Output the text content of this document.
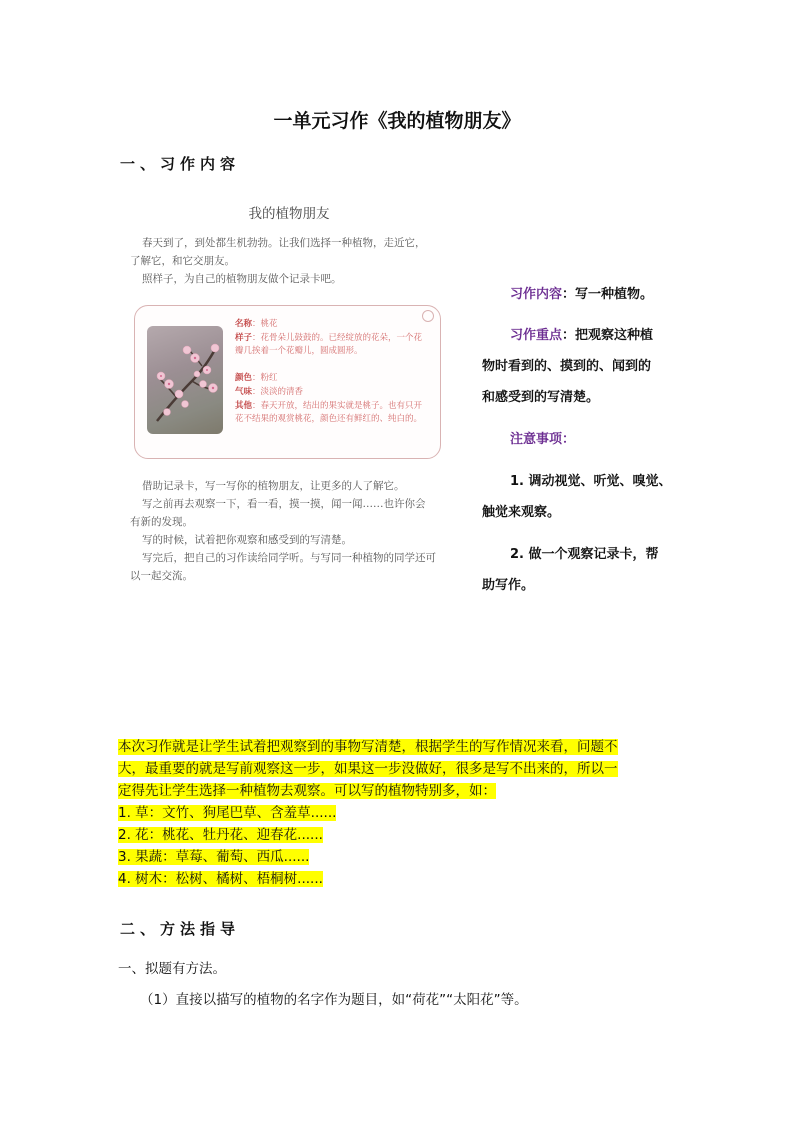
一单元习作《我的植物朋友》
一、习作内容
我的植物朋友
春天到了，到处都生机勃勃。让我们选择一种植物，走近它，
了解它，和它交朋友。
照样子，为自己的植物朋友做个记录卡吧。
名称：桃花
样子：花骨朵儿鼓鼓的。已经绽放的花朵，一个花瓣几挨着一个花瓣儿，圆成圆形。
颜色：粉红
气味：淡淡的清香
其他：春天开放，结出的果实就是桃子。也有只开花不结果的观赏桃花，颜色还有鲜红的、纯白的。
借助记录卡，写一写你的植物朋友，让更多的人了解它。
写之前再去观察一下，看一看，摸一摸，闻一闻……也许你会
有新的发现。
写的时候，试着把你观察和感受到的写清楚。
写完后，把自己的习作读给同学听。与写同一种植物的同学还可
以一起交流。
习作内容：写一种植物。
习作重点：把观察这种植
物时看到的、摸到的、闻到的
和感受到的写清楚。
注意事项：
1. 调动视觉、听觉、嗅觉、
触觉来观察。
2. 做一个观察记录卡，帮
助写作。
本次习作就是让学生试着把观察到的事物写清楚，根据学生的写作情况来看，问题不
大，最重要的就是写前观察这一步，如果这一步没做好，很多是写不出来的，所以一
定得先让学生选择一种植物去观察。可以写的植物特别多，如：
1. 草：文竹、狗尾巴草、含羞草......
2. 花：桃花、牡丹花、迎春花......
3. 果蔬：草莓、葡萄、西瓜......
4. 树木：松树、橘树、梧桐树......
二、方法指导
一、拟题有方法。
（1）直接以描写的植物的名字作为题目，如“荷花”“太阳花”等。
